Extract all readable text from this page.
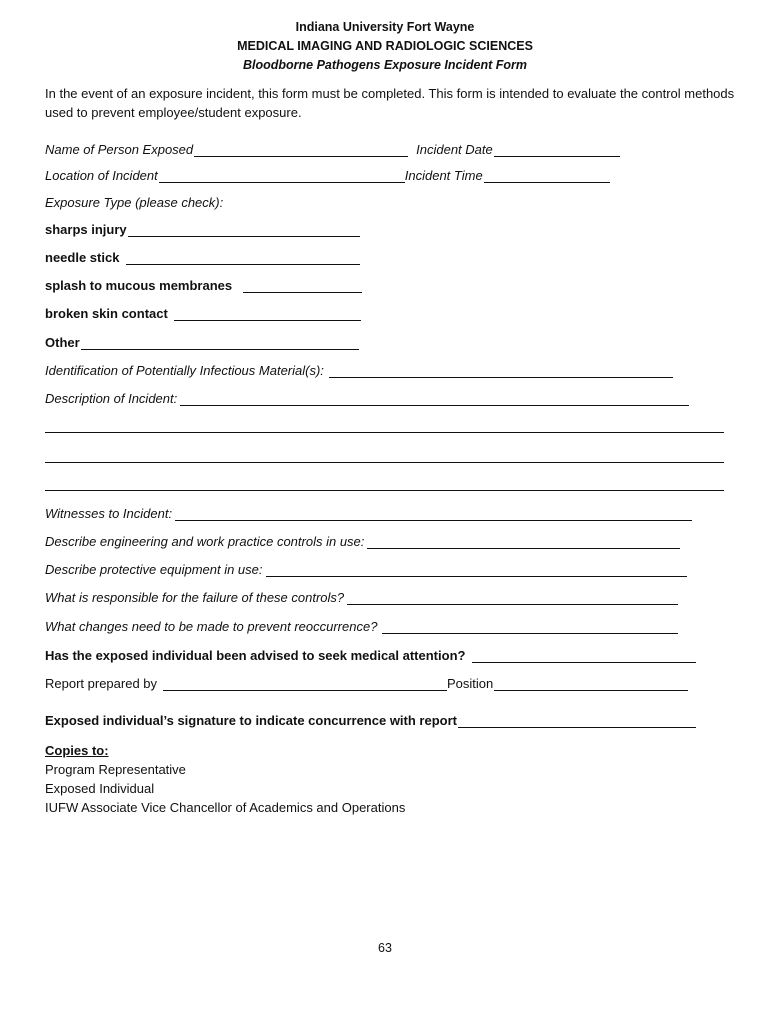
Indiana University Fort Wayne
MEDICAL IMAGING AND RADIOLOGIC SCIENCES
Bloodborne Pathogens Exposure Incident Form
In the event of an exposure incident, this form must be completed. This form is intended to evaluate the control methods used to prevent employee/student exposure.
Name of Person Exposed	Incident Date
Location of Incident	Incident Time
Exposure Type (please check):
sharps injury
needle stick
splash to mucous membranes
broken skin contact
Other
Identification of Potentially Infectious Material(s):
Description of Incident:
Witnesses to Incident:
Describe engineering and work practice controls in use:
Describe protective equipment in use:
What is responsible for the failure of these controls?
What changes need to be made to prevent reoccurrence?
Has the exposed individual been advised to seek medical attention?
Report prepared by	Position
Exposed individual’s signature to indicate concurrence with report
Copies to:
Program Representative
Exposed Individual
IUFW Associate Vice Chancellor of Academics and Operations
63
